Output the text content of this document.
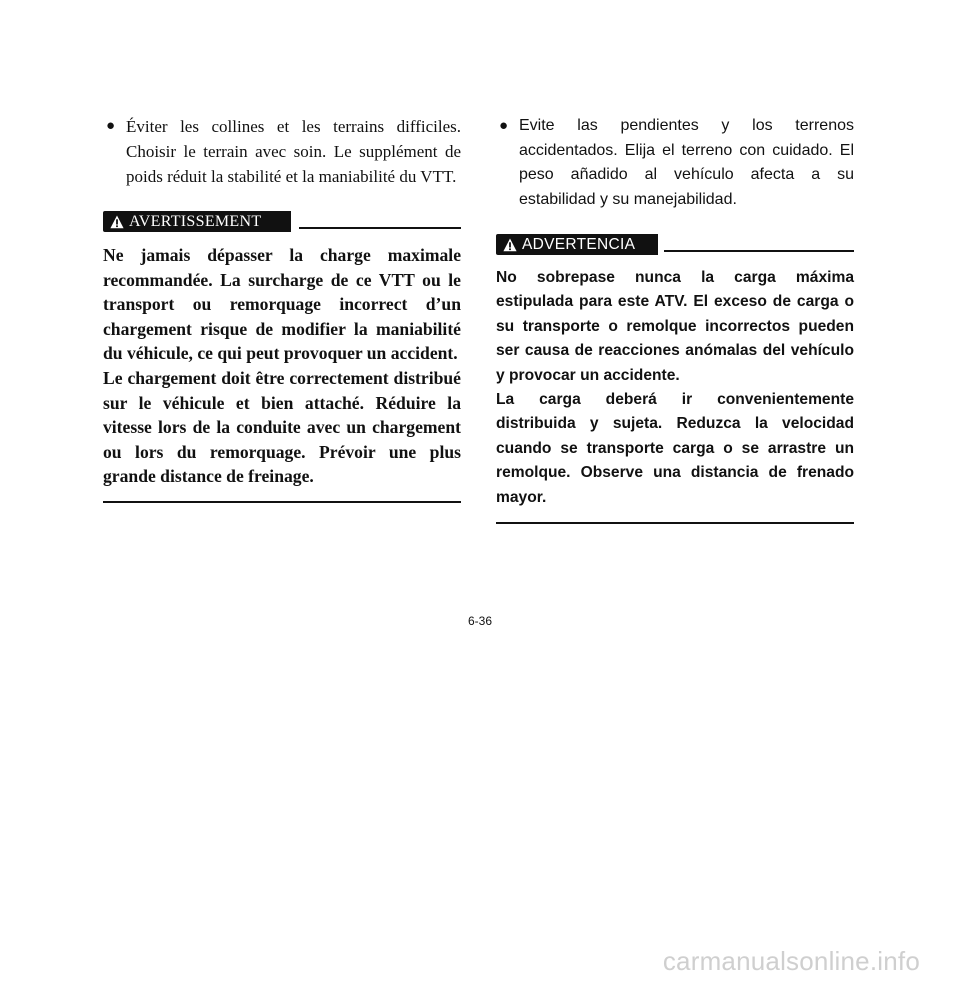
● Éviter les collines et les terrains difficiles. Choisir le terrain avec soin. Le supplément de poids réduit la stabilité et la maniabilité du VTT.
AVERTISSEMENT

Ne jamais dépasser la charge maximale recommandée. La surcharge de ce VTT ou le transport ou remorquage incorrect d’un chargement risque de modifier la maniabilité du véhicule, ce qui peut provoquer un accident.

Le chargement doit être correctement distribué sur le véhicule et bien attaché. Réduire la vitesse lors de la conduite avec un chargement ou lors du remorquage. Prévoir une plus grande distance de freinage.

● Evite las pendientes y los terrenos accidentados. Elija el terreno con cuidado. El peso añadido al vehículo afecta a su estabilidad y su manejabilidad.
ADVERTENCIA

No sobrepase nunca la carga máxima estipulada para este ATV. El exceso de carga o su transporte o remolque incorrectos pueden ser causa de reacciones anómalas del vehículo y provocar un accidente.

La carga deberá ir convenientemente distribuida y sujeta. Reduzca la velocidad cuando se transporte carga o se arrastre un remolque. Observe una distancia de frenado mayor.

6-36
carmanualsonline.info
